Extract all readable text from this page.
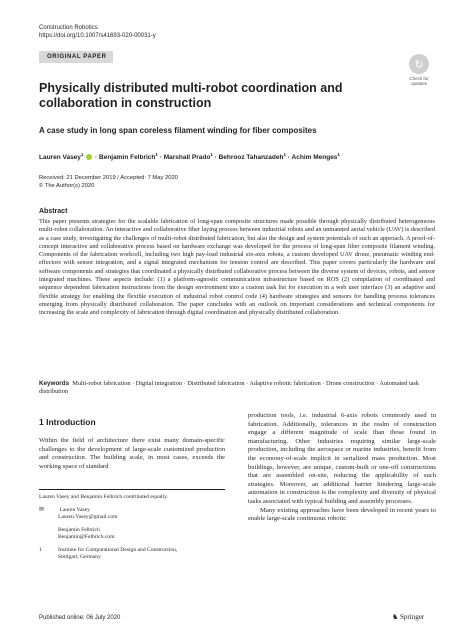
Construction Robotics
https://doi.org/10.1007/s41693-020-00031-y
ORIGINAL PAPER
↻
Check for updates
Physically distributed multi-robot coordination and collaboration in construction
A case study in long span coreless filament winding for fiber composites
Lauren Vasey$^1$  · Benjamin Felbrich$^1$ · Marshall Prado$^1$ · Behrooz Tahanzadeh$^1$ · Achim Menges$^1$
Received: 21 December 2019 / Accepted: 7 May 2020
© The Author(s) 2020
Abstract
This paper presents strategies for the scalable fabrication of long-span composite structures made possible through physically distributed heterogeneous multi-robot collaboration. An interactive and collaborative fiber laying process between industrial robots and an unmanned aerial vehicle (UAV) is described as a case study, investigating the challenges of multi-robot distributed fabrication, but also the design and system potentials of such an approach. A proof-of-concept interactive and collaborative process based on hardware exchange was developed for the process of long-span fiber composite filament winding. Components of the fabrication workcell, including two high pay-load industrial six-axis robots, a custom developed UAV drone, pneumatic winding end-effectors with sensor integration, and a signal integrated mechanism for tension control are described. This paper covers particularly the hardware and software components and strategies that coordinated a physically distributed collaborative process between the diverse system of devices, robots, and sensor integrated machines. These aspects include: (1) a platform-agnostic communication infrastructure based on ROS (2) compilation of coordinated and sequence dependent fabrication instructions from the design environment into a custom task list for execution in a web user interface (3) an adaptive and flexible strategy for enabling the flexible execution of industrial robot control code (4) hardware strategies and sensors for handling process tolerances emerging from physically distributed collaboration. The paper concludes with an outlook on important considerations and technical components for increasing the scale and complexity of fabrication through digital coordination and physically distributed collaboration.
Keywords Multi-robot fabrication · Digital integration · Distributed fabrication · Adaptive robotic fabrication · Drone construction · Automated task distribution
1 Introduction
Within the field of architecture there exist many domain-specific challenges to the development of large-scale customized production and construction. The building scale, in most cases, exceeds the working space of standard
production tools, i.e. industrial 6-axis robots commonly used in fabrication. Additionally, tolerances in the realm of construction engage a different magnitude of scale than those found in manufacturing. Other industries requiring similar large-scale production, including the aerospace or marine industries, benefit from the economy-of-scale implicit in serialized mass production. Most buildings, however, are unique, custom-built or one-off constructions that are assembled on-site, reducing the applicability of such strategies. Moreover, an additional barrier hindering large-scale automation in construction is the complexity and diversity of physical tasks associated with typical building and assembly processes.
Many existing approaches have been developed in recent years to enable large-scale continuous robotic
Lauren Vasey and Benjamin Felbrich contributed equally.
✉	Lauren Vasey
Lauren.Vasey@gmail.com
Benjamin Felbrich
Benjamin@Felbrich.com
1	Institute for Computational Design and Construction,
Stuttgart, Germany
Published online: 06 July 2020	♞ Springer
